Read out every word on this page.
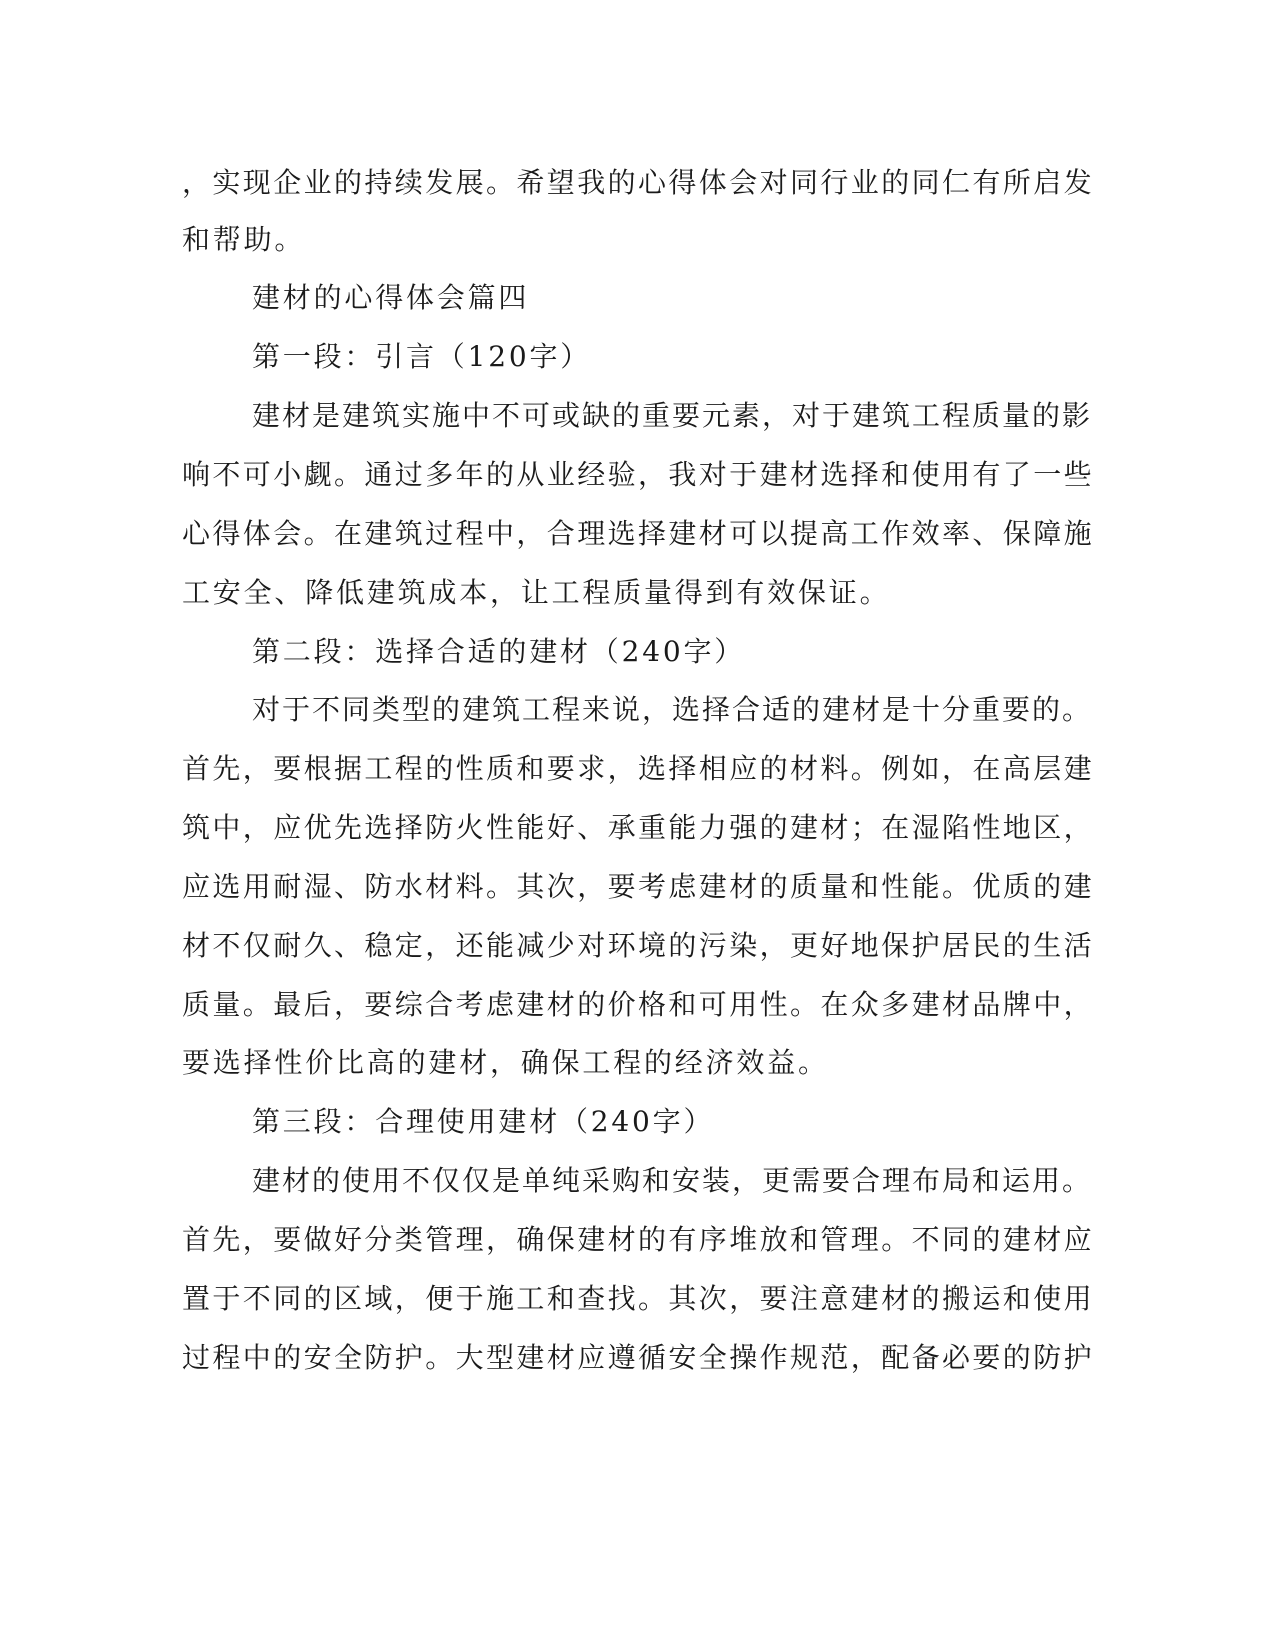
，实现企业的持续发展。希望我的心得体会对同行业的同仁有所启发
和帮助。
建材的心得体会篇四
第一段：引言（120字）
建材是建筑实施中不可或缺的重要元素，对于建筑工程质量的影
响不可小觑。通过多年的从业经验，我对于建材选择和使用有了一些
心得体会。在建筑过程中，合理选择建材可以提高工作效率、保障施
工安全、降低建筑成本，让工程质量得到有效保证。
第二段：选择合适的建材（240字）
对于不同类型的建筑工程来说，选择合适的建材是十分重要的。
首先，要根据工程的性质和要求，选择相应的材料。例如，在高层建
筑中，应优先选择防火性能好、承重能力强的建材；在湿陷性地区，
应选用耐湿、防水材料。其次，要考虑建材的质量和性能。优质的建
材不仅耐久、稳定，还能减少对环境的污染，更好地保护居民的生活
质量。最后，要综合考虑建材的价格和可用性。在众多建材品牌中，
要选择性价比高的建材，确保工程的经济效益。
第三段：合理使用建材（240字）
建材的使用不仅仅是单纯采购和安装，更需要合理布局和运用。
首先，要做好分类管理，确保建材的有序堆放和管理。不同的建材应
置于不同的区域，便于施工和查找。其次，要注意建材的搬运和使用
过程中的安全防护。大型建材应遵循安全操作规范，配备必要的防护
